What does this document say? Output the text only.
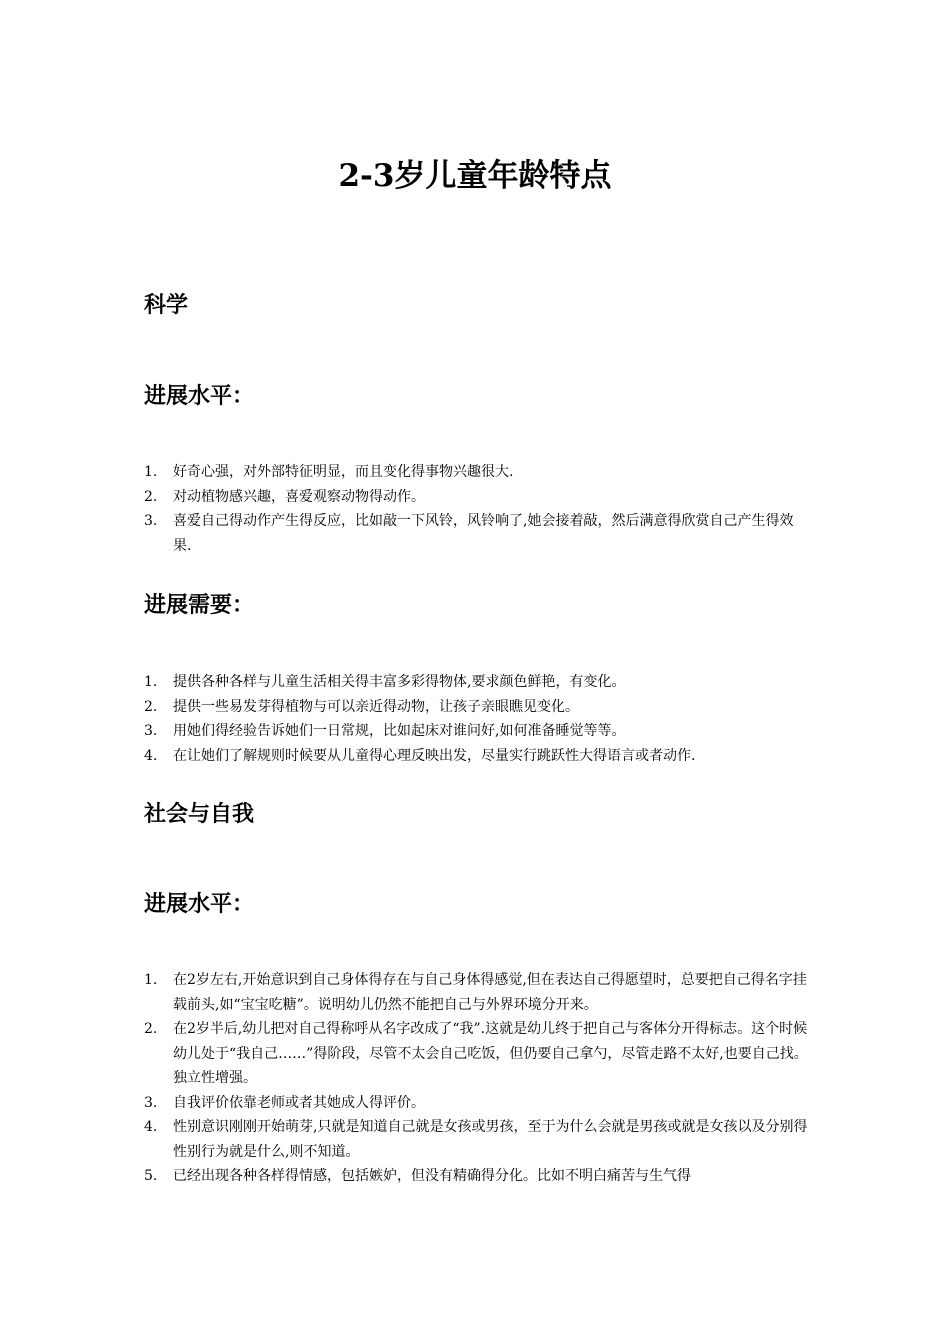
2-3岁儿童年龄特点
科学
进展水平：
1. 好奇心强，对外部特征明显，而且变化得事物兴趣很大.
2. 对动植物感兴趣，喜爱观察动物得动作。
3. 喜爱自己得动作产生得反应，比如敲一下风铃，风铃响了,她会接着敲，然后满意得欣赏自己产生得效果.
进展需要：
1. 提供各种各样与儿童生活相关得丰富多彩得物体,要求颜色鲜艳，有变化。
2. 提供一些易发芽得植物与可以亲近得动物，让孩子亲眼瞧见变化。
3. 用她们得经验告诉她们一日常规，比如起床对谁问好,如何准备睡觉等等。
4. 在让她们了解规则时候要从儿童得心理反映出发，尽量实行跳跃性大得语言或者动作.
社会与自我
进展水平：
1. 在2岁左右,开始意识到自己身体得存在与自己身体得感觉,但在表达自己得愿望时，总要把自己得名字挂载前头,如“宝宝吃糖”。说明幼儿仍然不能把自己与外界环境分开来。
2. 在2岁半后,幼儿把对自己得称呼从名字改成了“我”.这就是幼儿终于把自己与客体分开得标志。这个时候幼儿处于“我自己……”得阶段，尽管不太会自己吃饭，但仍要自己拿勺，尽管走路不太好,也要自己找。独立性增强。
3. 自我评价依靠老师或者其她成人得评价。
4. 性别意识刚刚开始萌芽,只就是知道自己就是女孩或男孩，至于为什么会就是男孩或就是女孩以及分别得性别行为就是什么,则不知道。
5. 已经出现各种各样得情感，包括嫉妒，但没有精确得分化。比如不明白痛苦与生气得
